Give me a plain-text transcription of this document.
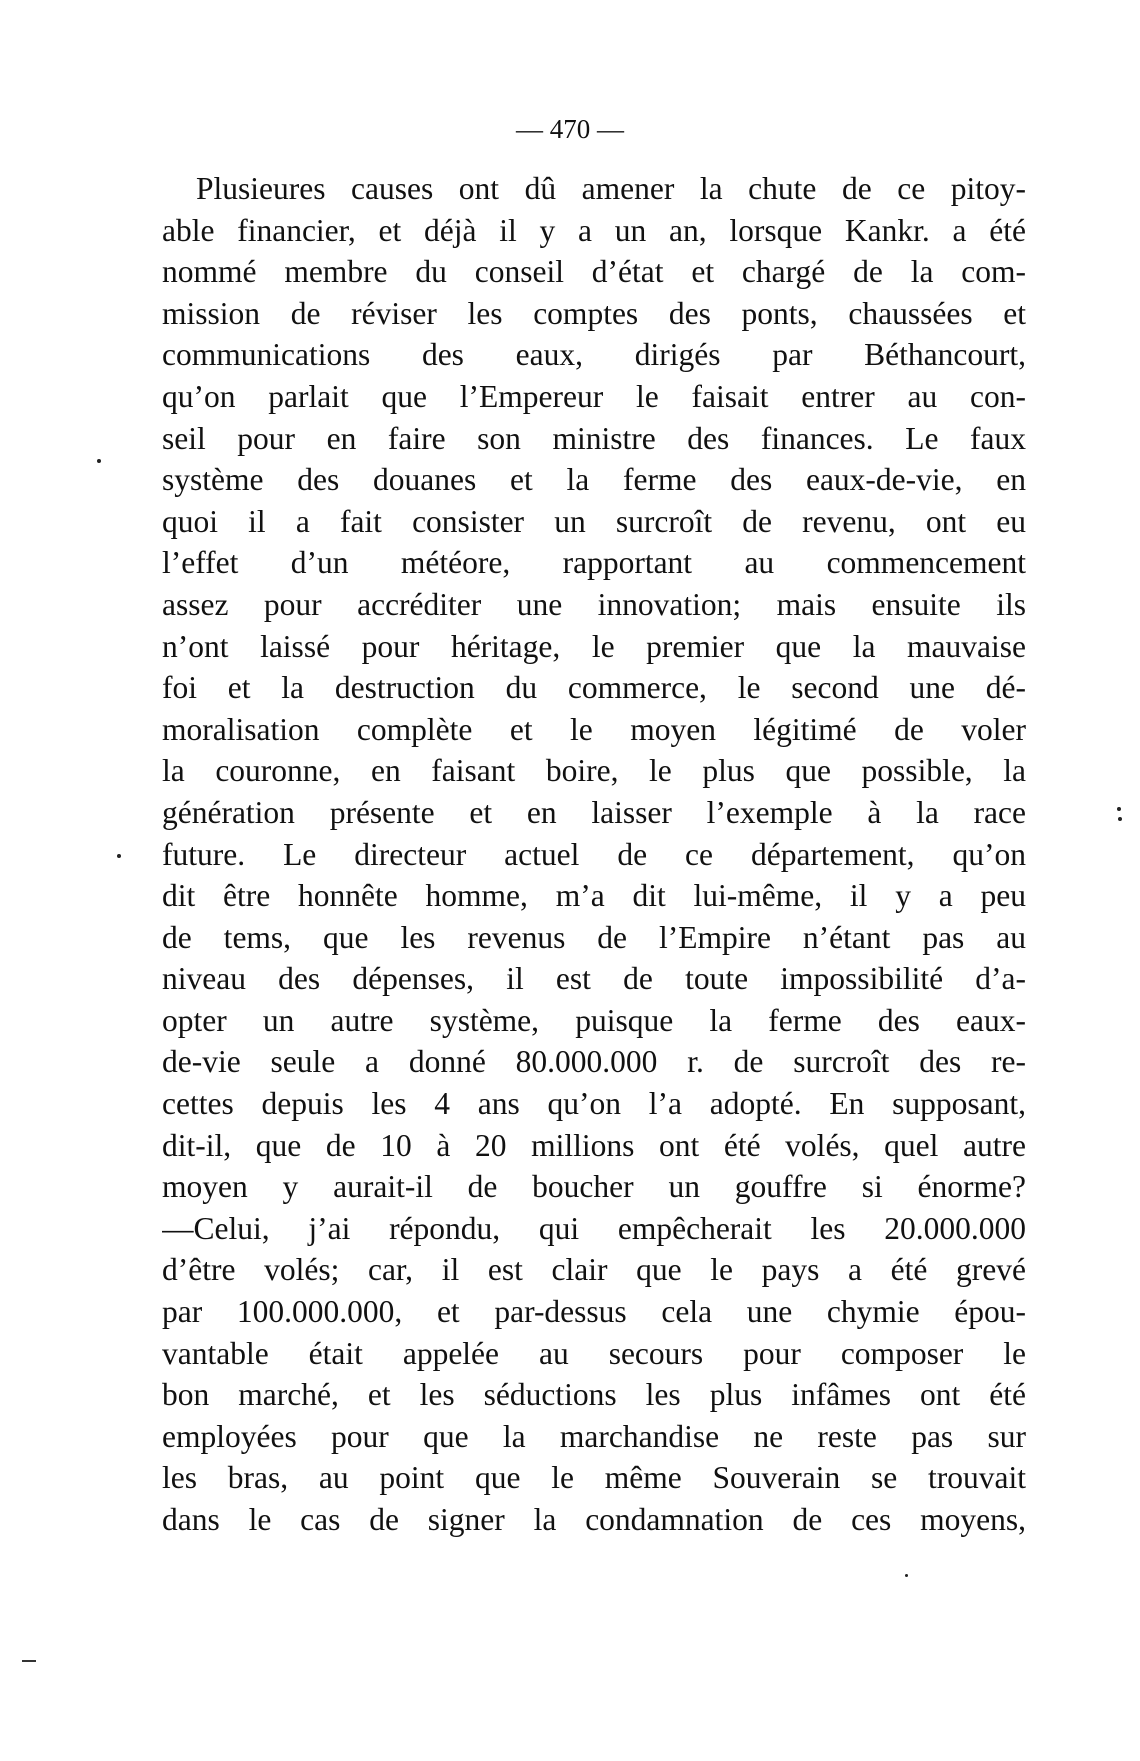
— 470 —
Plusieures causes ont dû amener la chute de ce pitoy-
able financier, et déjà il y a un an, lorsque Kankr. a été
nommé membre du conseil d’état et chargé de la com-
mission de réviser les comptes des ponts, chaussées et
communications des eaux, dirigés par Béthancourt,
qu’on parlait que l’Empereur le faisait entrer au con-
seil pour en faire son ministre des finances. Le faux
système des douanes et la ferme des eaux-de-vie, en
quoi il a fait consister un surcroît de revenu, ont eu
l’effet d’un météore, rapportant au commencement
assez pour accréditer une innovation; mais ensuite ils
n’ont laissé pour héritage, le premier que la mauvaise
foi et la destruction du commerce, le second une dé-
moralisation complète et le moyen légitimé de voler
la couronne, en faisant boire, le plus que possible, la
génération présente et en laisser l’exemple à la race
future. Le directeur actuel de ce département, qu’on
dit être honnête homme, m’a dit lui-même, il y a peu
de tems, que les revenus de l’Empire n’étant pas au
niveau des dépenses, il est de toute impossibilité d’a-
opter un autre système, puisque la ferme des eaux-
de-vie seule a donné 80.000.000 r. de surcroît des re-
cettes depuis les 4 ans qu’on l’a adopté. En supposant,
dit-il, que de 10 à 20 millions ont été volés, quel autre
moyen y aurait-il de boucher un gouffre si énorme?
—Celui, j’ai répondu, qui empêcherait les 20.000.000
d’être volés; car, il est clair que le pays a été grevé
par 100.000.000, et par-dessus cela une chymie épou-
vantable était appelée au secours pour composer le
bon marché, et les séductions les plus infâmes ont été
employées pour que la marchandise ne reste pas sur
les bras, au point que le même Souverain se trouvait
dans le cas de signer la condamnation de ces moyens,
